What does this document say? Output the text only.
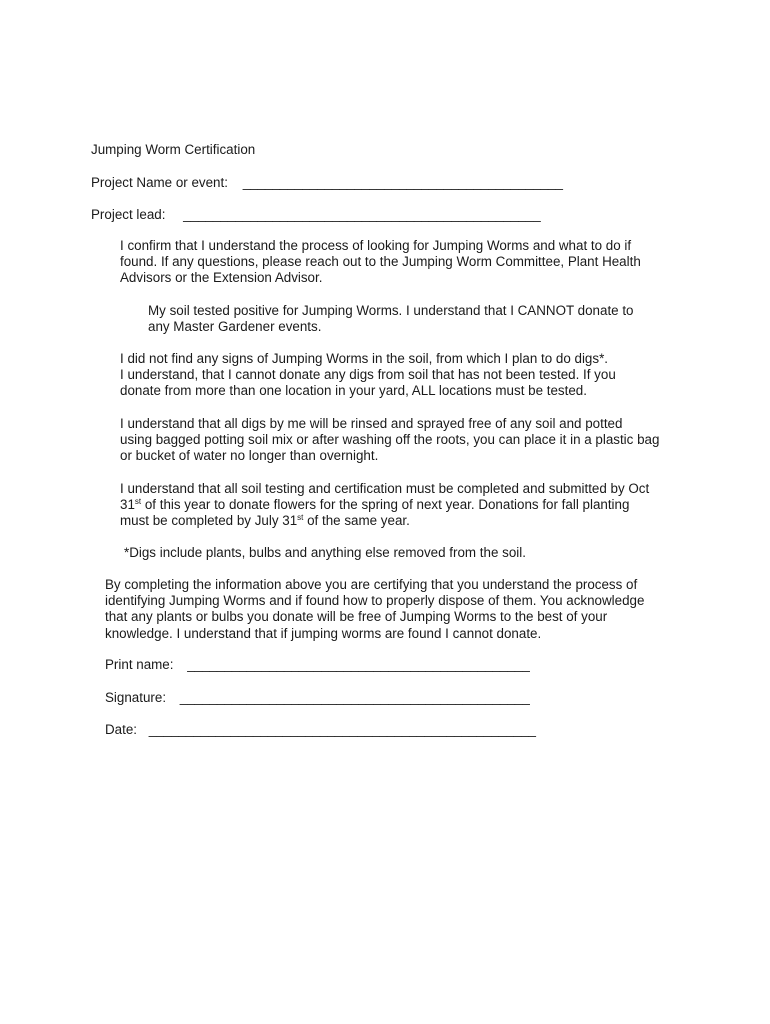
Jumping Worm Certification
Project Name or event: ___________________________________________
Project lead: ________________________________________________
I confirm that I understand the process of looking for Jumping Worms and what to do if
found. If any questions, please reach out to the Jumping Worm Committee, Plant Health
Advisors or the Extension Advisor.
My soil tested positive for Jumping Worms. I understand that I CANNOT donate to
any Master Gardener events.
I did not find any signs of Jumping Worms in the soil, from which I plan to do digs*.
I understand, that I cannot donate any digs from soil that has not been tested. If you
donate from more than one location in your yard, ALL locations must be tested.
I understand that all digs by me will be rinsed and sprayed free of any soil and potted
using bagged potting soil mix or after washing off the roots, you can place it in a plastic bag
or bucket of water no longer than overnight.
I understand that all soil testing and certification must be completed and submitted by Oct
31st of this year to donate flowers for the spring of next year. Donations for fall planting
must be completed by July 31st of the same year.
*Digs include plants, bulbs and anything else removed from the soil.
By completing the information above you are certifying that you understand the process of
identifying Jumping Worms and if found how to properly dispose of them. You acknowledge
that any plants or bulbs you donate will be free of Jumping Worms to the best of your
knowledge. I understand that if jumping worms are found I cannot donate.
Print name: ______________________________________________
Signature: _______________________________________________
Date: ____________________________________________________
